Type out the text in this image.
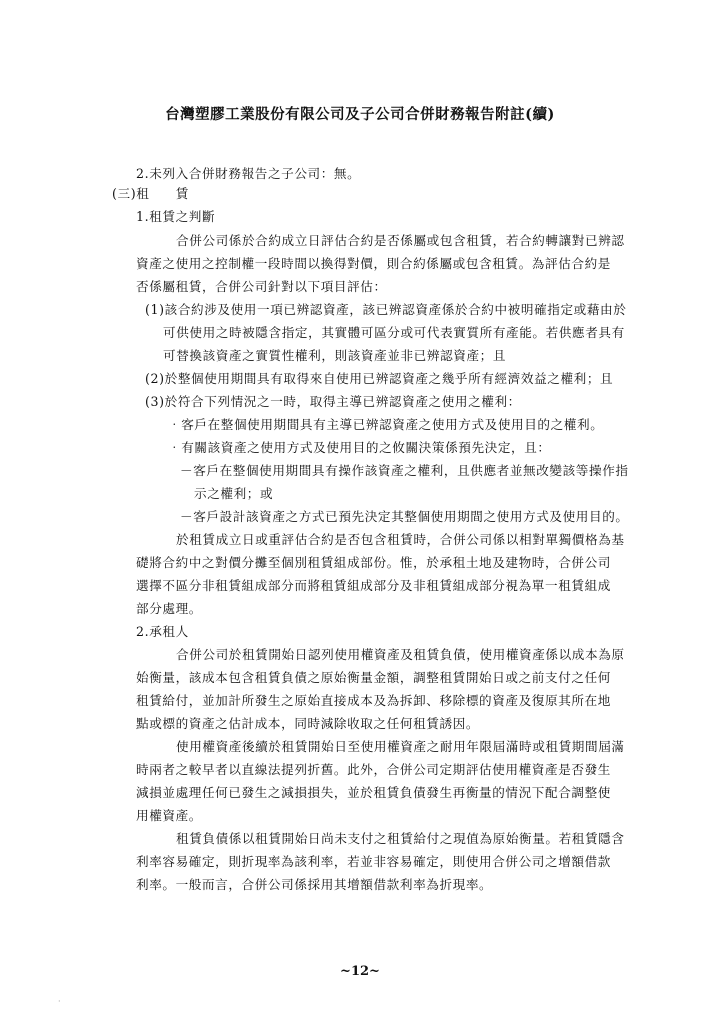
台灣塑膠工業股份有限公司及子公司合併財務報告附註(續)
2.未列入合併財務報告之子公司：無。
(三)租　　賃
1.租賃之判斷
合併公司係於合約成立日評估合約是否係屬或包含租賃，若合約轉讓對已辨認
資產之使用之控制權一段時間以換得對價，則合約係屬或包含租賃。為評估合約是
否係屬租賃，合併公司針對以下項目評估：
(1)該合約涉及使用一項已辨認資產，該已辨認資產係於合約中被明確指定或藉由於
可供使用之時被隱含指定，其實體可區分或可代表實質所有產能。若供應者具有
可替換該資產之實質性權利，則該資產並非已辨認資產；且
(2)於整個使用期間具有取得來自使用已辨認資產之幾乎所有經濟效益之權利；且
(3)於符合下列情況之一時，取得主導已辨認資產之使用之權利：
‧客戶在整個使用期間具有主導已辨認資產之使用方式及使用目的之權利。
‧有關該資產之使用方式及使用目的之攸關決策係預先決定，且：
－客戶在整個使用期間具有操作該資產之權利，且供應者並無改變該等操作指
示之權利；或
－客戶設計該資產之方式已預先決定其整個使用期間之使用方式及使用目的。
於租賃成立日或重評估合約是否包含租賃時，合併公司係以相對單獨價格為基
礎將合約中之對價分攤至個別租賃組成部份。惟，於承租土地及建物時，合併公司
選擇不區分非租賃組成部分而將租賃組成部分及非租賃組成部分視為單一租賃組成
部分處理。
2.承租人
合併公司於租賃開始日認列使用權資產及租賃負債，使用權資產係以成本為原
始衡量，該成本包含租賃負債之原始衡量金額，調整租賃開始日或之前支付之任何
租賃給付，並加計所發生之原始直接成本及為拆卸、移除標的資產及復原其所在地
點或標的資產之估計成本，同時減除收取之任何租賃誘因。
使用權資產後續於租賃開始日至使用權資產之耐用年限屆滿時或租賃期間屆滿
時兩者之較早者以直線法提列折舊。此外，合併公司定期評估使用權資產是否發生
減損並處理任何已發生之減損損失，並於租賃負債發生再衡量的情況下配合調整使
用權資產。
租賃負債係以租賃開始日尚未支付之租賃給付之現值為原始衡量。若租賃隱含
利率容易確定，則折現率為該利率，若並非容易確定，則使用合併公司之增額借款
利率。一般而言，合併公司係採用其增額借款利率為折現率。
~12~
·
